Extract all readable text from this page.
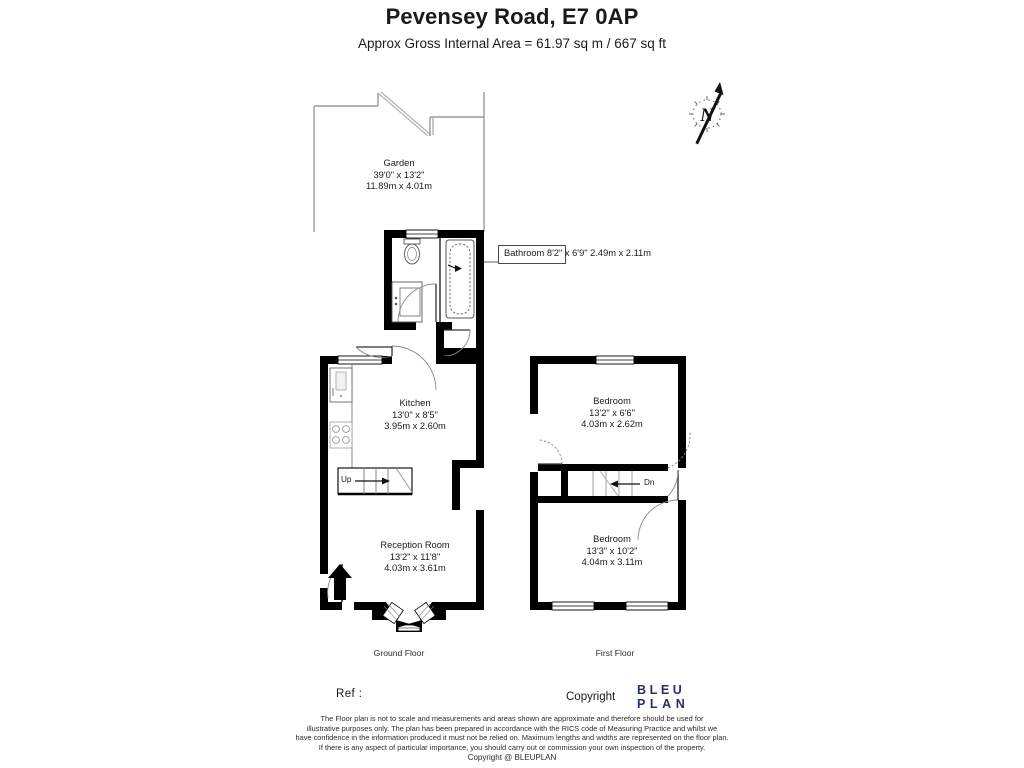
Pevensey Road, E7 0AP
Approx Gross Internal Area = 61.97 sq m / 667 sq ft
N
Garden
39'0" x 13'2"
11.89m x 4.01m
Bathroom 8'2" x 6'9" 2.49m x 2.11m
Kitchen
13'0" x 8'5"
3.95m x 2.60m
Reception Room
13'2" x 11'8"
4.03m x 3.61m
Bedroom
13'2" x 6'6"
4.03m x 2.62m
Bedroom
13'3" x 10'2"
4.04m x 3.11m
Up	Dn
Ground Floor	First Floor
Ref :	Copyright BLEU
PLAN
The Floor plan is not to scale and measurements and areas shown are approximate and therefore should be used for
illustrative purposes only. The plan has been prepared in accordance with the RICS code of Measuring Practice and whilst we
have confidence in the information produced it must not be relied on. Maximum lengths and widths are represented on the floor plan.
If there is any aspect of particular importance, you should carry out or commission your own inspection of the property.
Copyright @ BLEUPLAN
